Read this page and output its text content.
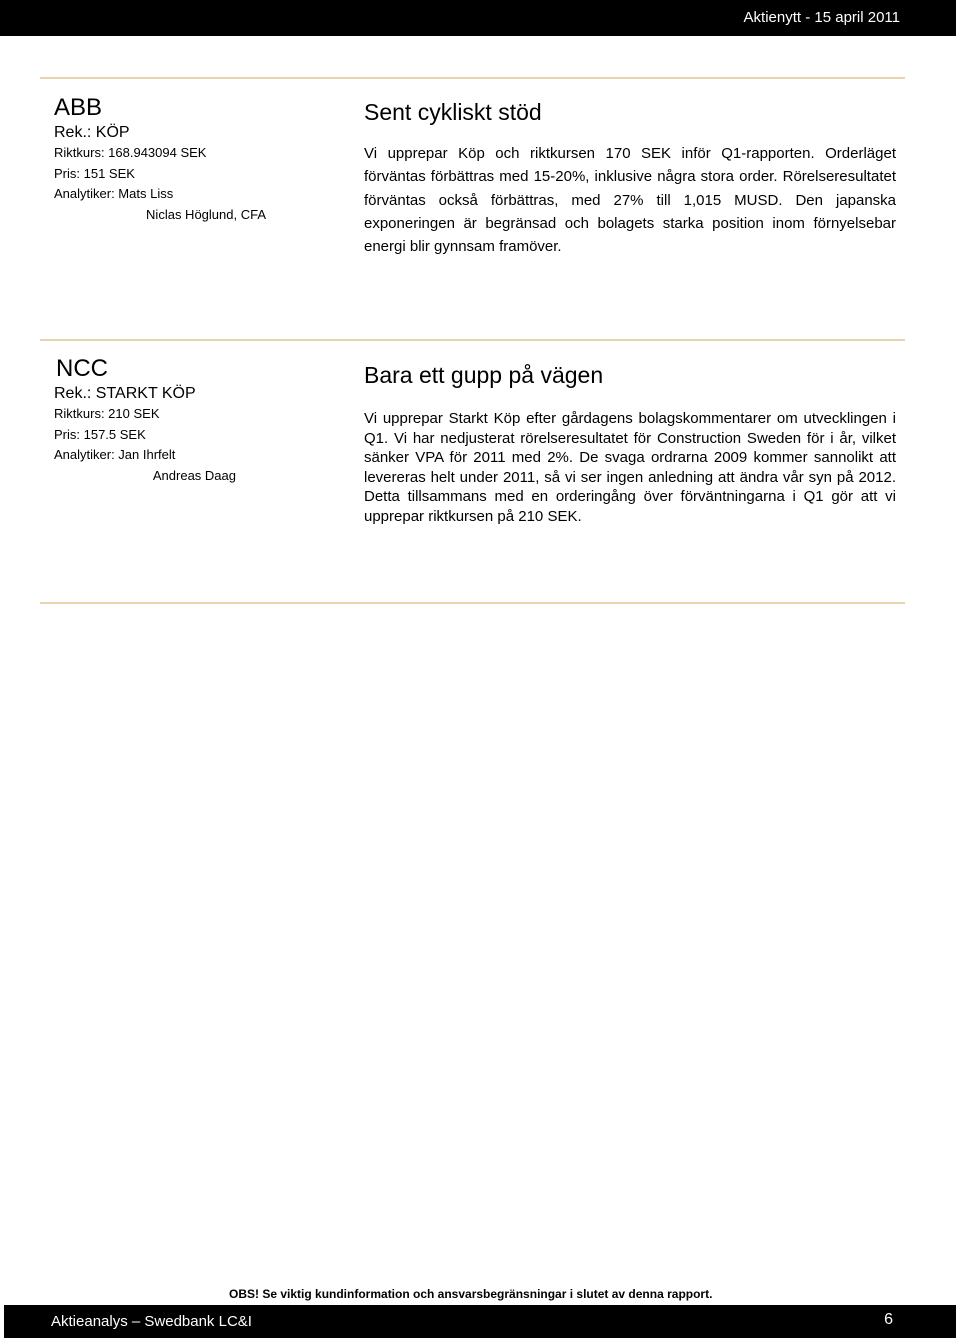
Aktienytt - 15 april 2011
ABB
Rek.: KÖP
Riktkurs: 168.943094 SEK
Pris: 151 SEK
Analytiker: Mats Liss
Niclas Höglund, CFA
Sent cykliskt stöd

Vi upprepar Köp och riktkursen 170 SEK inför Q1-rapporten. Orderläget förväntas förbättras med 15-20%, inklusive några stora order. Rörelseresultatet förväntas också förbättras, med 27% till 1,015 MUSD. Den japanska exponeringen är begränsad och bolagets starka position inom förnyelsebar energi blir gynnsam framöver.

NCC
Rek.: STARKT KÖP
Riktkurs: 210 SEK
Pris: 157.5 SEK
Analytiker: Jan Ihrfelt
Andreas Daag
Bara ett gupp på vägen

Vi upprepar Starkt Köp efter gårdagens bolagskommentarer om utvecklingen i Q1. Vi har nedjusterat rörelseresultatet för Construction Sweden för i år, vilket sänker VPA för 2011 med 2%. De svaga ordrarna 2009 kommer sannolikt att levereras helt under 2011, så vi ser ingen anledning att ändra vår syn på 2012. Detta tillsammans med en orderingång över förväntningarna i Q1 gör att vi upprepar riktkursen på 210 SEK.

OBS! Se viktig kundinformation och ansvarsbegränsningar i slutet av denna rapport.
Aktieanalys – Swedbank LC&I	6
